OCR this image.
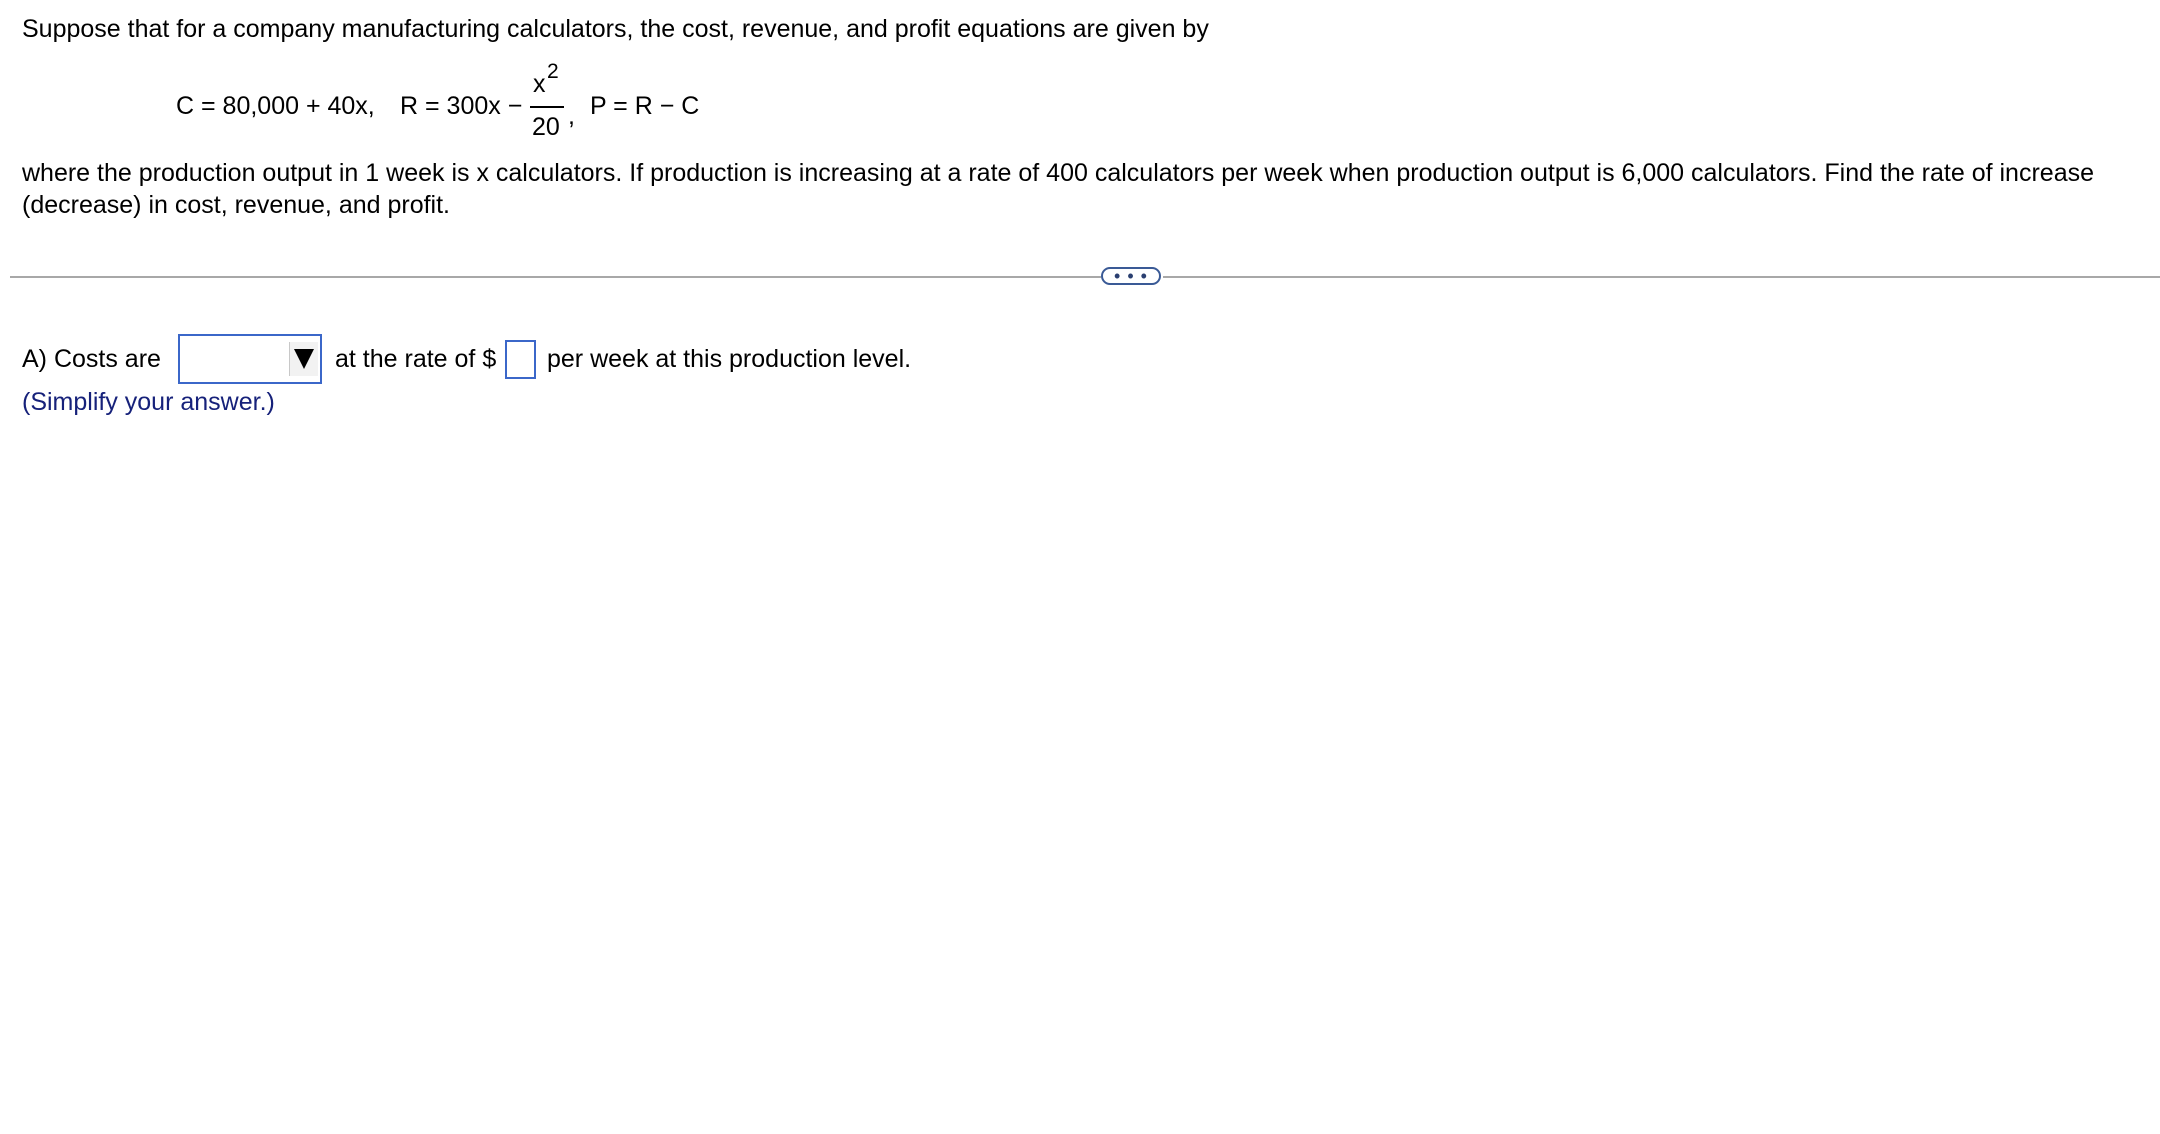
Suppose that for a company manufacturing calculators, the cost, revenue, and profit equations are given by
C = 80,000 + 40x, R = 300x −
x 2
20 , P = R − C
where the production output in 1 week is x calculators. If production is increasing at a rate of 400 calculators per week when production output is 6,000 calculators. Find the rate of increase (decrease) in cost, revenue, and profit.
• • •
A) Costs are	at the rate of $ per week at this production level.
(Simplify your answer.)
